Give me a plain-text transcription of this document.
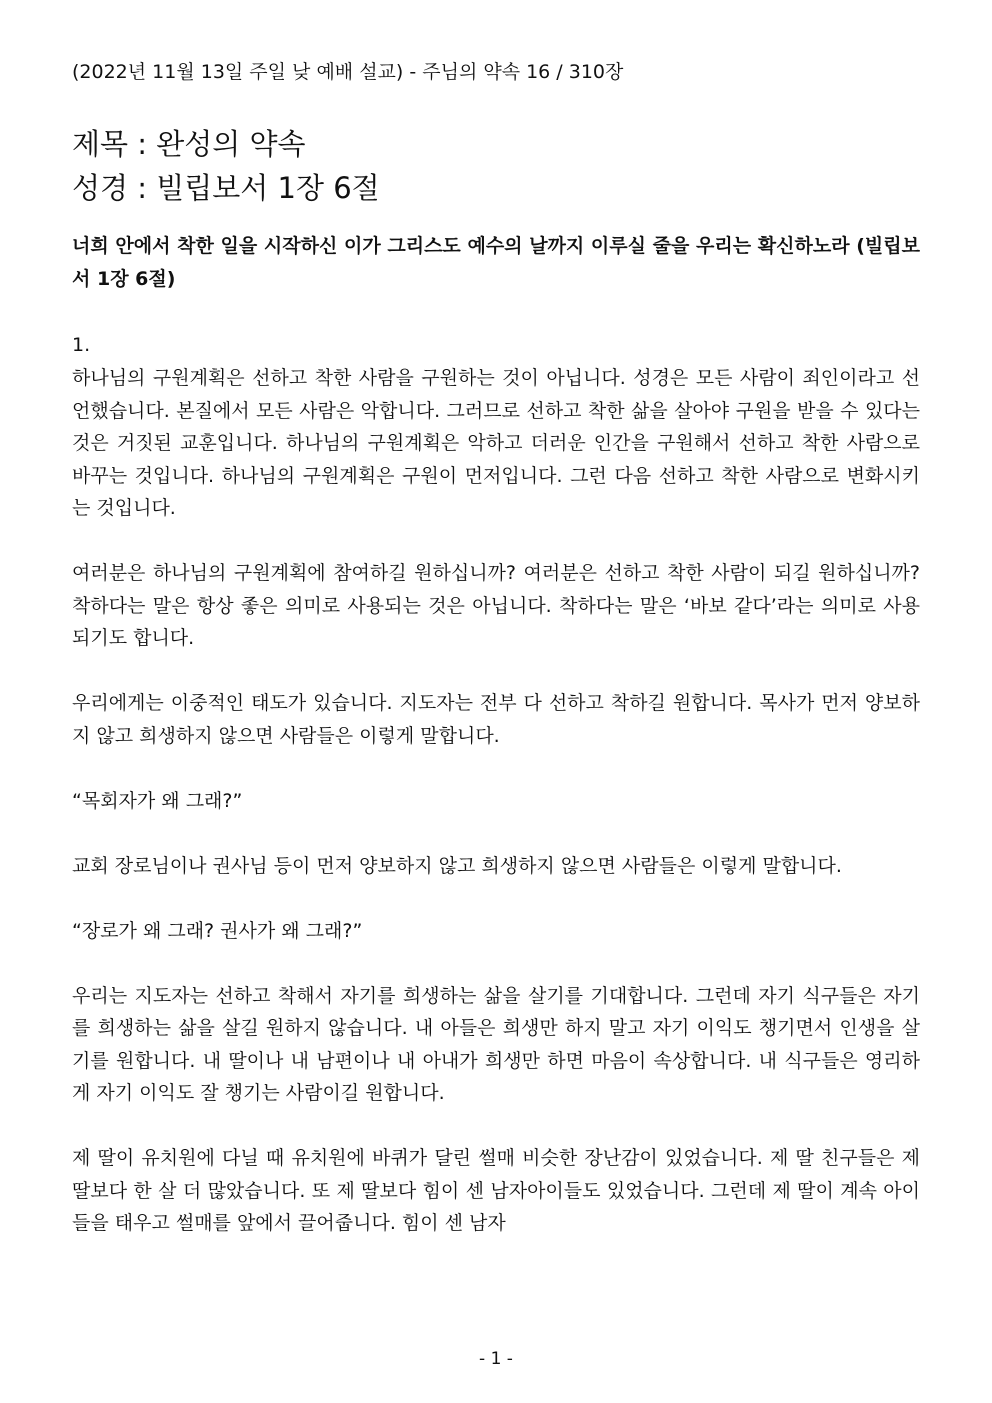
(2022년 11월 13일 주일 낮 예배 설교) - 주님의 약속 16 / 310장

제목 : 완성의 약속
성경 : 빌립보서 1장 6절
너희 안에서 착한 일을 시작하신 이가 그리스도 예수의 날까지 이루실 줄을 우리는 확신하노라 (빌립보서 1장 6절)
1.

하나님의 구원계획은 선하고 착한 사람을 구원하는 것이 아닙니다. 성경은 모든 사람이 죄인이라고 선언했습니다. 본질에서 모든 사람은 악합니다. 그러므로 선하고 착한 삶을 살아야 구원을 받을 수 있다는 것은 거짓된 교훈입니다. 하나님의 구원계획은 악하고 더러운 인간을 구원해서 선하고 착한 사람으로 바꾸는 것입니다. 하나님의 구원계획은 구원이 먼저입니다. 그런 다음 선하고 착한 사람으로 변화시키는 것입니다.

여러분은 하나님의 구원계획에 참여하길 원하십니까? 여러분은 선하고 착한 사람이 되길 원하십니까? 착하다는 말은 항상 좋은 의미로 사용되는 것은 아닙니다. 착하다는 말은 ‘바보 같다’라는 의미로 사용되기도 합니다.

우리에게는 이중적인 태도가 있습니다. 지도자는 전부 다 선하고 착하길 원합니다. 목사가 먼저 양보하지 않고 희생하지 않으면 사람들은 이렇게 말합니다.

“목회자가 왜 그래?”

교회 장로님이나 권사님 등이 먼저 양보하지 않고 희생하지 않으면 사람들은 이렇게 말합니다.

“장로가 왜 그래? 권사가 왜 그래?”

우리는 지도자는 선하고 착해서 자기를 희생하는 삶을 살기를 기대합니다. 그런데 자기 식구들은 자기를 희생하는 삶을 살길 원하지 않습니다. 내 아들은 희생만 하지 말고 자기 이익도 챙기면서 인생을 살기를 원합니다. 내 딸이나 내 남편이나 내 아내가 희생만 하면 마음이 속상합니다. 내 식구들은 영리하게 자기 이익도 잘 챙기는 사람이길 원합니다.

제 딸이 유치원에 다닐 때 유치원에 바퀴가 달린 썰매 비슷한 장난감이 있었습니다. 제 딸 친구들은 제 딸보다 한 살 더 많았습니다. 또 제 딸보다 힘이 센 남자아이들도 있었습니다. 그런데 제 딸이 계속 아이들을 태우고 썰매를 앞에서 끌어줍니다. 힘이 센 남자

- 1 -
